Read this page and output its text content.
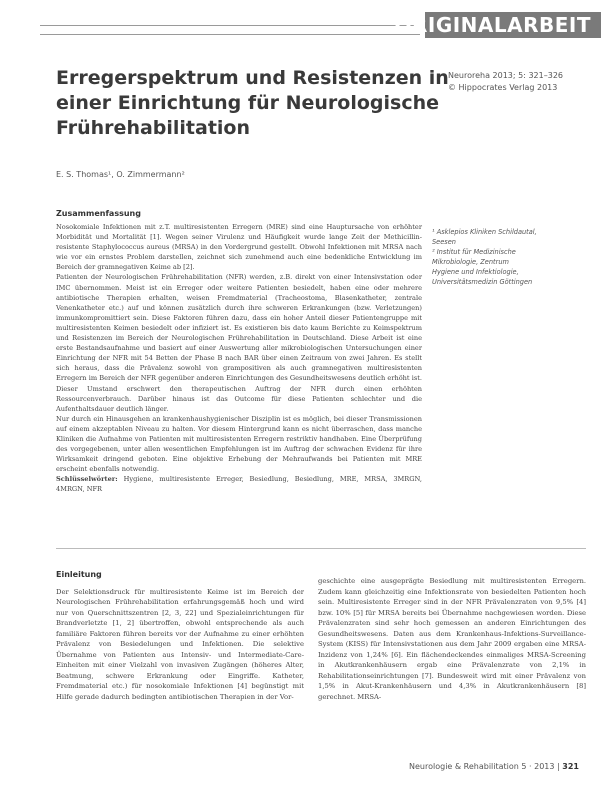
ORIGINALARBEIT
Erregerspektrum und Resistenzen in
einer Einrichtung für Neurologische
Frührehabilitation
Neuroreha 2013; 5: 321–326
© Hippocrates Verlag 2013
E. S. Thomas¹, O. Zimmermann²
Zusammenfassung

Nosokomiale Infektionen mit z.T. multiresistenten Erregern (MRE) sind eine Hauptursache von erhöhter Morbidität und Mortalität [1]. Wegen seiner Virulenz und Häufigkeit wurde lange Zeit der Methicillin-resistente Staphylococcus aureus (MRSA) in den Vordergrund gestellt. Obwohl Infektionen mit MRSA nach wie vor ein ernstes Problem darstellen, zeichnet sich zunehmend auch eine bedenkliche Entwicklung im Bereich der gramnegativen Keime ab [2].

Patienten der Neurologischen Frührehabilitation (NFR) werden, z.B. direkt von einer Intensivstation oder IMC übernommen. Meist ist ein Erreger oder weitere Patienten besiedelt, haben eine oder mehrere antibiotische Therapien erhalten, weisen Fremdmaterial (Tracheostoma, Blasenkatheter, zentrale Venenkatheter etc.) auf und können zusätzlich durch ihre schweren Erkrankungen (bzw. Verletzungen) immunkompromittiert sein. Diese Faktoren führen dazu, dass ein hoher Anteil dieser Patientengruppe mit multiresistenten Keimen besiedelt oder infiziert ist. Es existieren bis dato kaum Berichte zu Keimspektrum und Resistenzen im Bereich der Neurologischen Frührehabilitation in Deutschland. Diese Arbeit ist eine erste Bestandsaufnahme und basiert auf einer Auswertung aller mikrobiologischen Untersuchungen einer Einrichtung der NFR mit 54 Betten der Phase B nach BAR über einen Zeitraum von zwei Jahren. Es stellt sich heraus, dass die Prävalenz sowohl von grampositiven als auch gramnegativen multiresistenten Erregern im Bereich der NFR gegenüber anderen Einrichtungen des Gesundheitswesens deutlich erhöht ist. Dieser Umstand erschwert den therapeutischen Auftrag der NFR durch einen erhöhten Ressourcenverbrauch. Darüber hinaus ist das Outcome für diese Patienten schlechter und die Aufenthaltsdauer deutlich länger.

Nur durch ein Hinausgehen an krankenhaushygienischer Disziplin ist es möglich, bei dieser Transmissionen auf einem akzeptablen Niveau zu halten. Vor diesem Hintergrund kann es nicht überraschen, dass manche Kliniken die Aufnahme von Patienten mit multiresistenten Erregern restriktiv handhaben. Eine Überprüfung des vorgegebenen, unter allen wesentlichen Empfehlungen ist im Auftrag der schwachen Evidenz für ihre Wirksamkeit dringend geboten. Eine objektive Erhebung der Mehraufwands bei Patienten mit MRE erscheint ebenfalls notwendig.

Schlüsselwörter: Hygiene, multiresistente Erreger, Besiedlung, Besiedlung, MRE, MRSA, 3MRGN, 4MRGN, NFR

¹ Asklepios Kliniken Schildautal,
Seesen
² Institut für Medizinische
Mikrobiologie, Zentrum
Hygiene und Infektiologie,
Universitätsmedizin Göttingen
Einleitung

Der Selektionsdruck für multiresistente Keime ist im Bereich der Neurologischen Frührehabilitation erfahrungsgemäß hoch und wird nur von Querschnittszentren [2, 3, 22] und Spezialeinrichtungen für Brandverletzte [1, 2] übertroffen, obwohl entsprechende als auch familiäre Faktoren führen bereits vor der Aufnahme zu einer erhöhten Prävalenz von Besiedelungen und Infektionen. Die selektive Übernahme von Patienten aus Intensiv- und Intermediate-Care-Einheiten mit einer Vielzahl von invasiven Zugängen (höheres Alter, Beatmung, schwere Erkrankung oder Eingriffe. Katheter, Fremdmaterial etc.) für nosokomiale Infektionen [4] begünstigt mit Hilfe gerade dadurch bedingten antibiotischen Therapien in der Vor-

geschichte eine ausgeprägte Besiedlung mit multiresistenten Erregern. Zudem kann gleichzeitig eine Infektionsrate von besiedelten Patienten hoch sein. Multiresistente Erreger sind in der NFR Prävalenzraten von 9,5% [4] bzw. 10% [5] für MRSA bereits bei Übernahme nachgewiesen worden. Diese Prävalenzraten sind sehr hoch gemessen an anderen Einrichtungen des Gesundheitswesens. Daten aus dem Krankenhaus-Infektions-Surveillance-System (KISS) für Intensivstationen aus dem Jahr 2009 ergaben eine MRSA-Inzidenz von 1,24% [6]. Ein flächendeckendes einmaliges MRSA-Screening in Akutkrankenhäusern ergab eine Prävalenzrate von 2,1% in Rehabilitationseinrichtungen [7]. Bundesweit wird mit einer Prävalenz von 1,5% in Akut-Krankenhäusern und 4,3% in Akutkrankenhäusern [8] gerechnet. MRSA-

Neurologie & Rehabilitation 5 · 2013 | 321
